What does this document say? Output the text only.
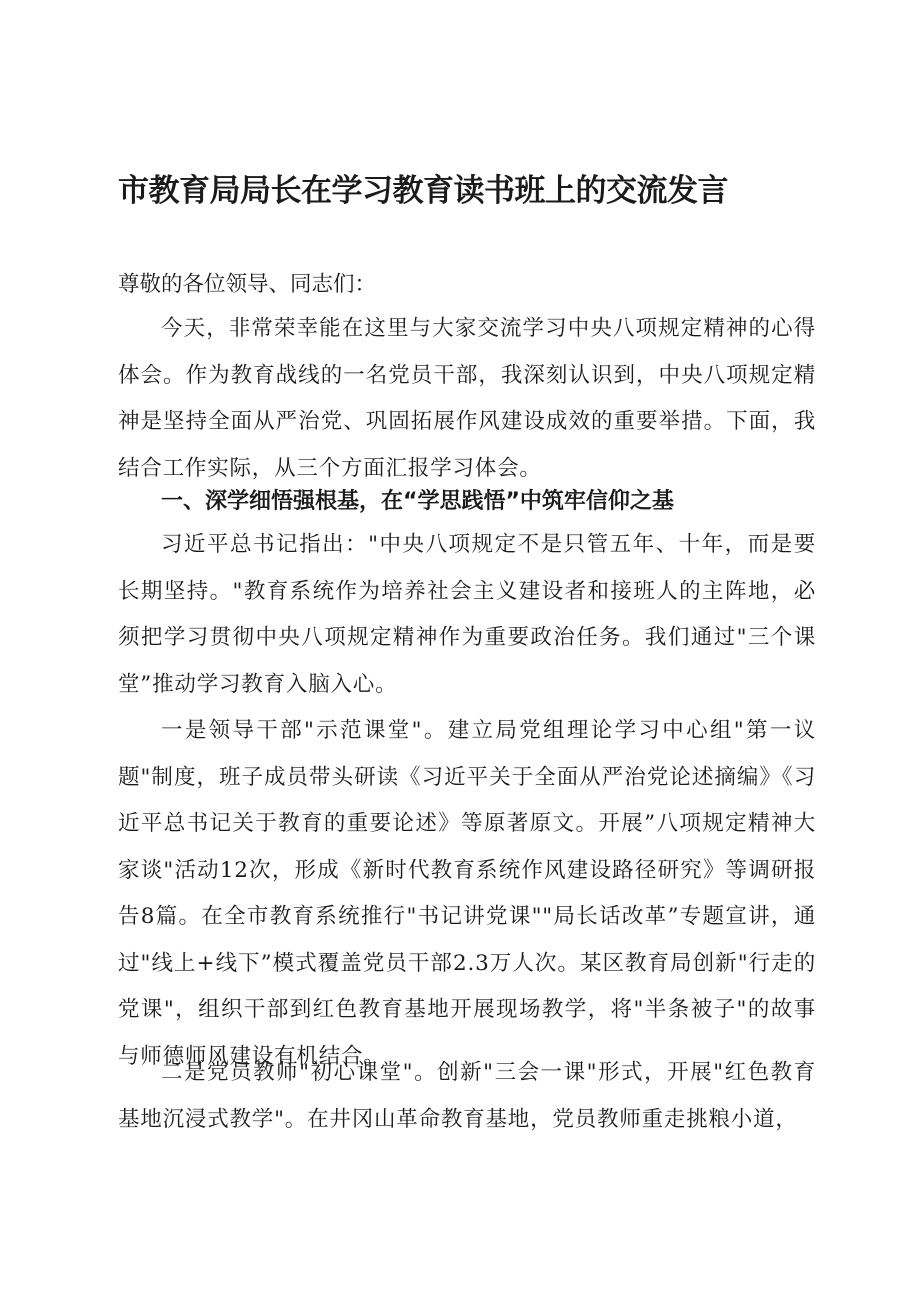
市教育局局长在学习教育读书班上的交流发言
尊敬的各位领导、同志们：
今天，非常荣幸能在这里与大家交流学习中央八项规定精神的心得体会。作为教育战线的一名党员干部，我深刻认识到，中央八项规定精神是坚持全面从严治党、巩固拓展作风建设成效的重要举措。下面，我结合工作实际，从三个方面汇报学习体会。
一、深学细悟强根基，在“学思践悟”中筑牢信仰之基
习近平总书记指出："中央八项规定不是只管五年、十年，而是要长期坚持。"教育系统作为培养社会主义建设者和接班人的主阵地，必须把学习贯彻中央八项规定精神作为重要政治任务。我们通过"三个课堂”推动学习教育入脑入心。
一是领导干部"示范课堂"。建立局党组理论学习中心组"第一议题"制度，班子成员带头研读《习近平关于全面从严治党论述摘编》《习近平总书记关于教育的重要论述》等原著原文。开展”八项规定精神大家谈"活动12次，形成《新时代教育系统作风建设路径研究》等调研报告8篇。在全市教育系统推行"书记讲党课""局长话改革”专题宣讲，通过"线上+线下”模式覆盖党员干部2.3万人次。某区教育局创新"行走的党课"，组织干部到红色教育基地开展现场教学，将"半条被子"的故事与师德师风建设有机结合。
二是党员教师"初心课堂"。创新"三会一课"形式，开展"红色教育基地沉浸式教学"。在井冈山革命教育基地，党员教师重走挑粮小道，
